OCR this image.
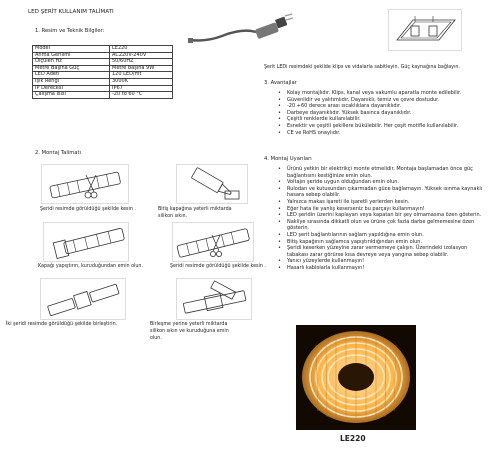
LED ŞERİT KULLANIM TALİMATI
1. Resim ve Teknik Bilgiler:
Model	LE220
Anma Gerilimi	AC220V-240V
Ölçülen Hz	50/60HZ
Metre Başına Güç	Metre başına 9W
LED Adeti	120 LED/mt
Işık Rengi	3000K
IP Derecesi	IP67
Çalışma Isısı	-20 to 60 °C
2. Montaj Talimatı
Şeridi resimde görüldüğü şekilde kesin .	Bitiş kapağına yeterli miktarda
silikon sıkın.
Kapağı yapıştırın, kuruduğundan emin olun.	Şeridi resimde görüldüğü şekilde kesin .
İki şeridi resimde görüldüğü şekilde birleştirin.	Birleşme yerine yeterli miktarda
silikon sıkın ve kuruduğuna emin
olun.
Şerit LEDi resimdeki şekilde klips ve vidalarla sabitleyin. Güç kaynağına bağlayın.
3. Avantajlar
• Kolay montajlıdır. Klips, kanal veya vakumlu aparatla monte edilebilir.
• Güvenlidir ve yalıtımlıdır. Dayanıklı, temiz ve çevre dostudur.
• -20 +60 derece arası sıcaklıklara dayanıklıdır.
• Darbeye dayanıklıdır. Yüksek basınca dayanıklıdır.
• Çeşitli renklerde kullanılabilir.
• Esnektir ve çeşitli şekillere bükülebilir. Her çeşit motifle kullanılabilir.
• CE ve RoHS onaylıdır.
4. Montaj Uyarıları
• Ürünü yetkin bir elektrikçi monte etmelidir. Montaja başlamadan önce güç bağlantısını kestiğinize emin olun.
• Voltajın şeride uygun olduğundan emin olun.
• Rulodan ve kutusundan çıkarmadan güce bağlamayın. Yüksek ısınma kaynaklı hasara sebep olabilir.
• Yalnızca makas işareti ile işaretli yerlerden kesin.
• Eğer hata ile yanlış keserseniz bu parçayı kullanmayın!
• LED şeridin üzerini kaplayan veya kapatan bir şey olmamasına özen gösterin.
• Nakliye sırasında dikkatli olun ve ürüne çok fazla darbe gelmemesine özen gösterin.
• LED şerit bağlantılarının sağlam yapıldığına emin olun.
• Bitiş kapağının sağlamca yapıştırıldığından emin olun.
• Şeridi keserken yüzeyine zarar vermemeye çalışın. Üzerindeki izolasyon tabakası zarar görürse kısa devreye veya yangına sebep olabilir.
• Yanıcı yüzeylerde kullanmayın!
• Hasarlı kablolarla kullanmayın!
LE220
